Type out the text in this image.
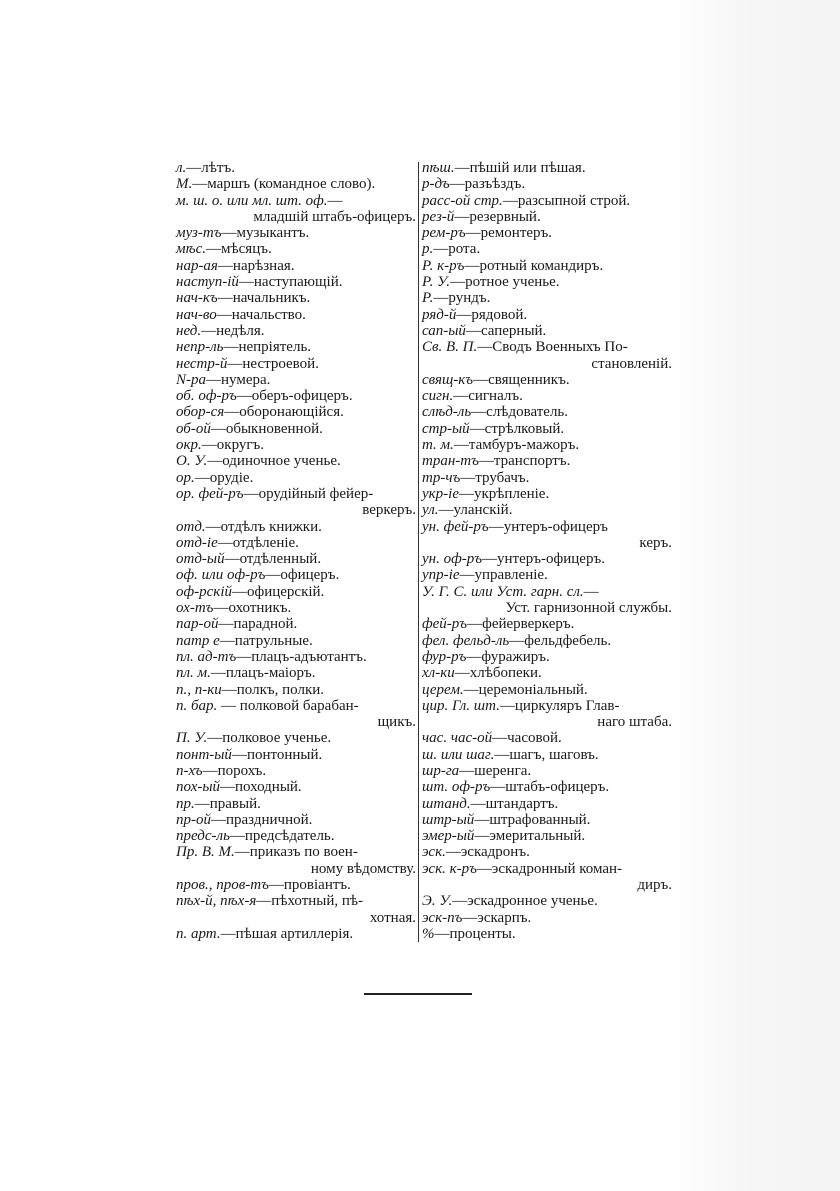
л.—лѣтъ.
М.—маршъ (командное слово).
м. ш. о. или мл. шт. оф.—
младшій штабъ-офицеръ.
муз-тъ—музыкантъ.
мѣс.—мѣсяцъ.
нар-ая—нарѣзная.
наступ-ій—наступающій.
нач-къ—начальникъ.
нач-во—начальство.
нед.—недѣля.
непр-ль—непріятель.
нестр-й—нестроевой.
N-ра—нумера.
об. оф-ръ—оберъ-офицеръ.
обор-ся—оборонающійся.
об-ой—обыкновенной.
окр.—округъ.
О. У.—одиночное ученье.
ор.—орудіе.
ор. фей-ръ—орудійный фейер-
веркеръ.
отд.—отдѣлъ книжки.
отд-іе—отдѣленіе.
отд-ый—отдѣленный.
оф. или оф-ръ—офицеръ.
оф-рскій—офицерскій.
ох-тъ—охотникъ.
пар-ой—парадной.
патр е—патрульные.
пл. ад-тъ—плацъ-адъютантъ.
пл. м.—плацъ-маіоръ.
п., п-ки—полкъ, полки.
п. бар. — полковой барабан-
щикъ.
П. У.—полковое ученье.
понт-ый—понтонный.
п-хъ—порохъ.
пох-ый—походный.
пр.—правый.
пр-ой—праздничной.
предс-ль—предсѣдатель.
Пр. В. М.—приказъ по воен-
ному вѣдомству.
пров., пров-тъ—провіантъ.
пѣх-й, пѣх-я—пѣхотный, пѣ-
хотная.
п. арт.—пѣшая артиллерія.
пѣш.—пѣшій или пѣшая.
р-дъ—разъѣздъ.
расс-ой стр.—разсыпной строй.
рез-й—резервный.
рем-ръ—ремонтеръ.
р.—рота.
Р. к-ръ—ротный командиръ.
Р. У.—ротное ученье.
Р.—рундъ.
ряд-й—рядовой.
сап-ый—саперный.
Св. В. П.—Сводъ Военныхъ По-
становленій.
свящ-къ—священникъ.
сигн.—сигналъ.
слѣд-ль—слѣдователь.
стр-ый—стрѣлковый.
т. м.—тамбуръ-мажоръ.
тран-тъ—транспортъ.
тр-чъ—трубачъ.
укр-іе—укрѣпленіе.
ул.—уланскій.
ун. фей-ръ—унтеръ-офицеръ
керъ.
ун. оф-ръ—унтеръ-офицеръ.
упр-іе—управленіе.
У. Г. С. или Уст. гарн. сл.—
Уст. гарнизонной службы.
фей-ръ—фейерверкеръ.
фел. фельд-ль—фельдфебель.
фур-ръ—фуражиръ.
хл-ки—хлѣбопеки.
церем.—церемоніальный.
цир. Гл. шт.—циркуляръ Глав-
наго штаба.
час. час-ой—часовой.
ш. или шаг.—шагъ, шаговъ.
шр-га—шеренга.
шт. оф-ръ—штабъ-офицеръ.
штанд.—штандартъ.
штр-ый—штрафованный.
эмер-ый—эмеритальный.
эск.—эскадронъ.
эск. к-ръ—эскадронный коман-
диръ.
Э. У.—эскадронное ученье.
эск-пъ—эскарпъ.
%—проценты.
